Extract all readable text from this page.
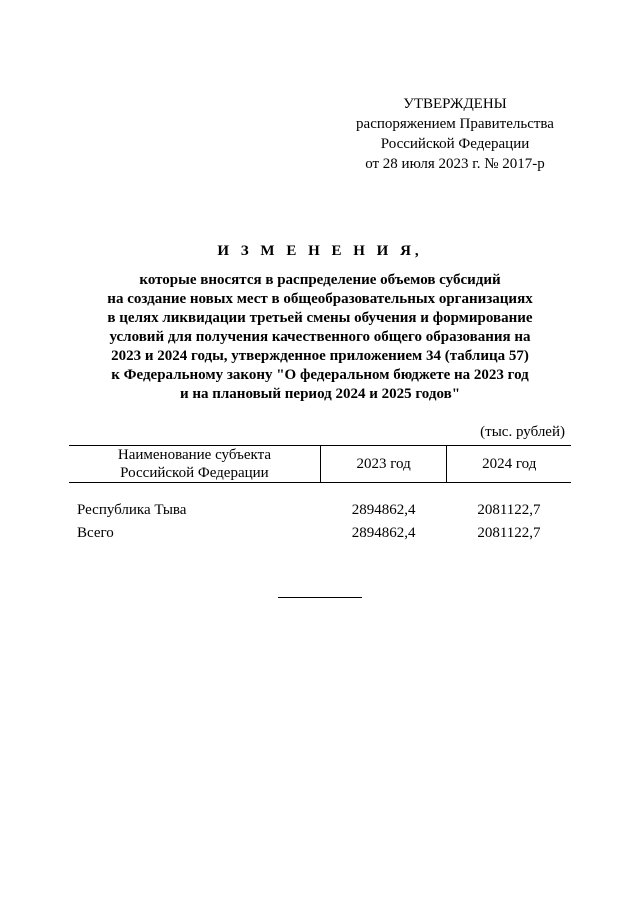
УТВЕРЖДЕНЫ
распоряжением Правительства
Российской Федерации
от 28 июля 2023 г. № 2017-р
И З М Е Н Е Н И Я,
которые вносятся в распределение объемов субсидий
на создание новых мест в общеобразовательных организациях
в целях ликвидации третьей смены обучения и формирование
условий для получения качественного общего образования на
2023 и 2024 годы, утвержденное приложением 34 (таблица 57)
к Федеральному закону "О федеральном бюджете на 2023 год
и на плановый период 2024 и 2025 годов"
(тыс. рублей)
Наименование субъекта
Российской Федерации	2023 год	2024 год
Республика Тыва	2894862,4	2081122,7
Всего	2894862,4	2081122,7
